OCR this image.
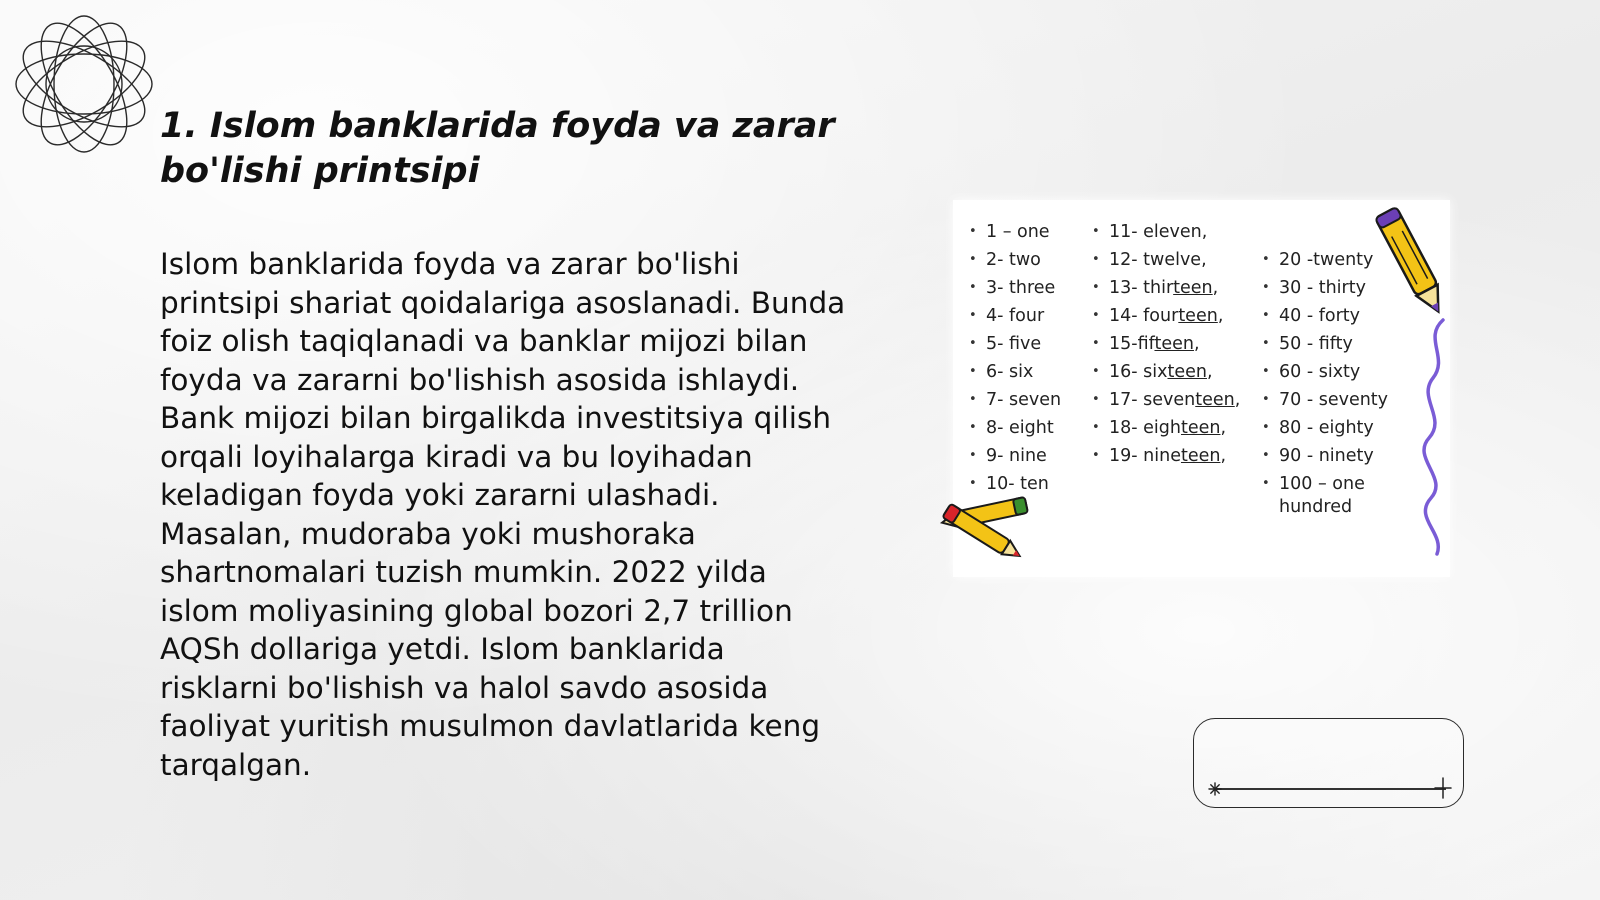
1. Islom banklarida foyda va zarar bo'lishi printsipi

Islom banklarida foyda va zarar bo'lishi printsipi shariat qoidalariga asoslanadi. Bunda foiz olish taqiqlanadi va banklar mijozi bilan foyda va zararni bo'lishish asosida ishlaydi. Bank mijozi bilan birgalikda investitsiya qilish orqali loyihalarga kiradi va bu loyihadan keladigan foyda yoki zararni ulashadi. Masalan, mudoraba yoki mushoraka shartnomalari tuzish mumkin. 2022 yilda islom moliyasining global bozori 2,7 trillion AQSh dollariga yetdi. Islom banklarida risklarni bo'lishish va halol savdo asosida faoliyat yuritish musulmon davlatlarida keng tarqalgan.

• 1 – one
• 2- two
• 3- three
• 4- four
• 5- five
• 6- six
• 7- seven
• 8- eight
• 9- nine
• 10- ten
• 11- eleven,
• 12- twelve,
• 13- thirteen,
• 14- fourteen,
• 15-fifteen,
• 16- sixteen,
• 17- seventeen,
• 18- eighteen,
• 19- nineteen,
• 20 -twenty
• 30 - thirty
• 40 - forty
• 50 - fifty
• 60 - sixty
• 70 - seventy
• 80 - eighty
• 90 - ninety
• 100 – one hundred
